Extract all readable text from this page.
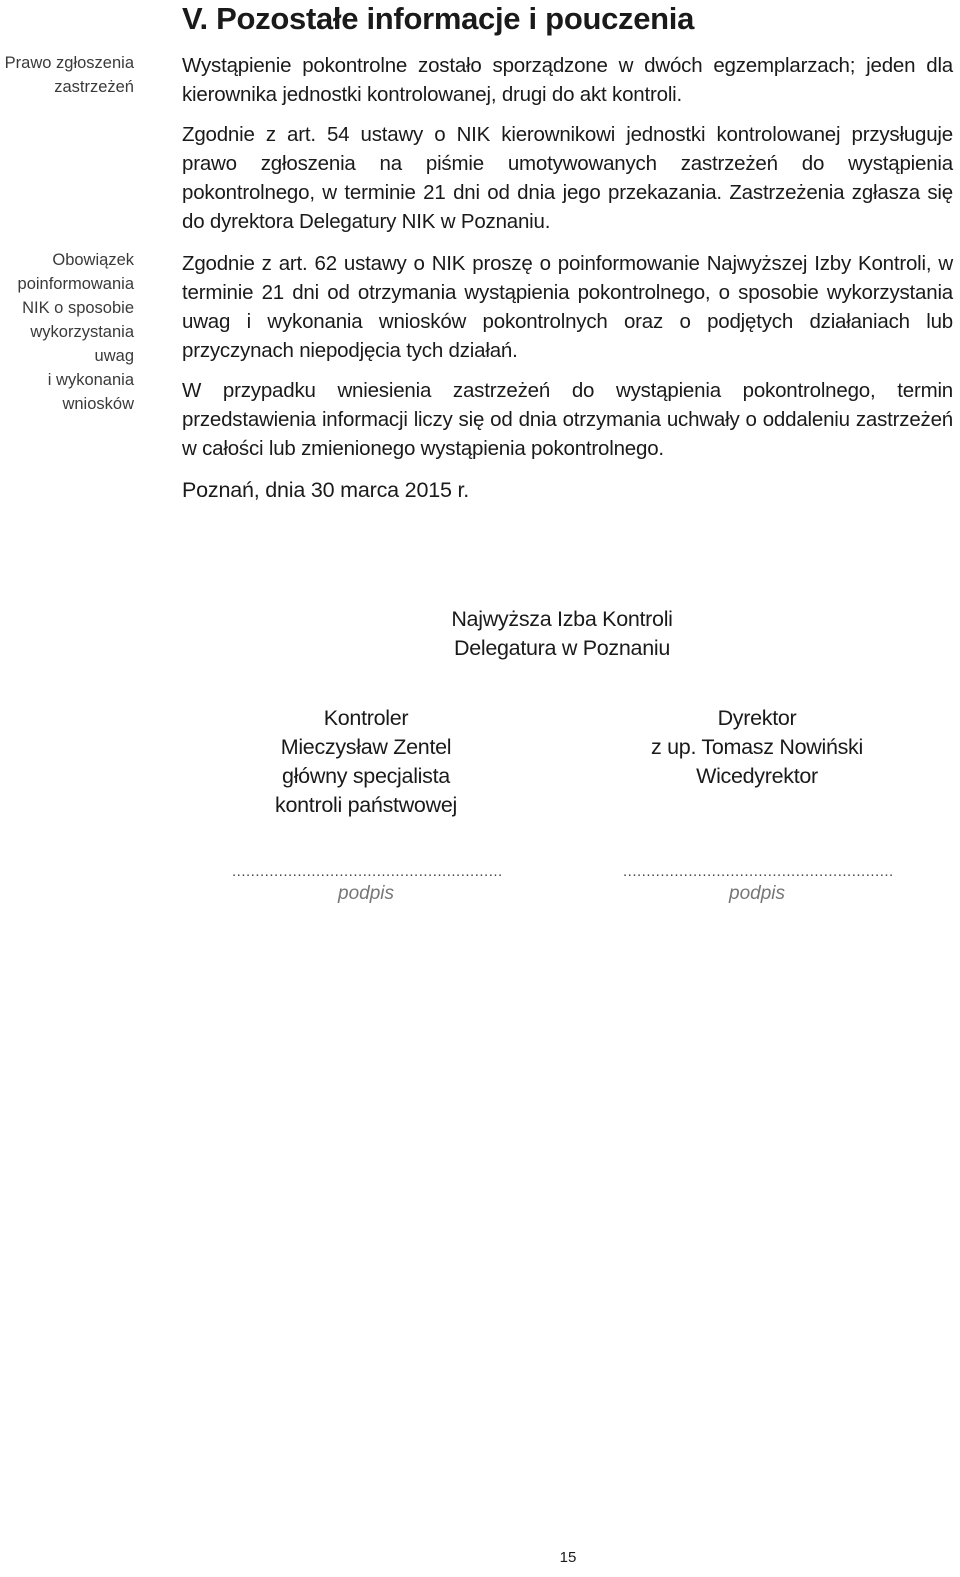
Prawo zgłoszenia
zastrzeżeń
Obowiązek
poinformowania
NIK o sposobie
wykorzystania
uwag
i wykonania
wniosków
V. Pozostałe informacje i pouczenia

Wystąpienie pokontrolne zostało sporządzone w dwóch egzemplarzach; jeden dla kierownika jednostki kontrolowanej, drugi do akt kontroli.

Zgodnie z art. 54 ustawy o NIK kierownikowi jednostki kontrolowanej przysługuje prawo zgłoszenia na piśmie umotywowanych zastrzeżeń do wystąpienia pokontrolnego, w terminie 21 dni od dnia jego przekazania. Zastrzeżenia zgłasza się do dyrektora Delegatury NIK w Poznaniu.

Zgodnie z art. 62 ustawy o NIK proszę o poinformowanie Najwyższej Izby Kontroli, w terminie 21 dni od otrzymania wystąpienia pokontrolnego, o sposobie wykorzystania uwag i wykonania wniosków pokontrolnych oraz o podjętych działaniach lub przyczynach niepodjęcia tych działań.

W przypadku wniesienia zastrzeżeń do wystąpienia pokontrolnego, termin przedstawienia informacji liczy się od dnia otrzymania uchwały o oddaleniu zastrzeżeń w całości lub zmienionego wystąpienia pokontrolnego.

Poznań, dnia 30 marca 2015 r.

Najwyższa Izba Kontroli
Delegatura w Poznaniu
Kontroler
Mieczysław Zentel
główny specjalista
kontroli państwowej
Dyrektor
z up. Tomasz Nowiński
Wicedyrektor
..........................................................	..........................................................
podpis	podpis
15
